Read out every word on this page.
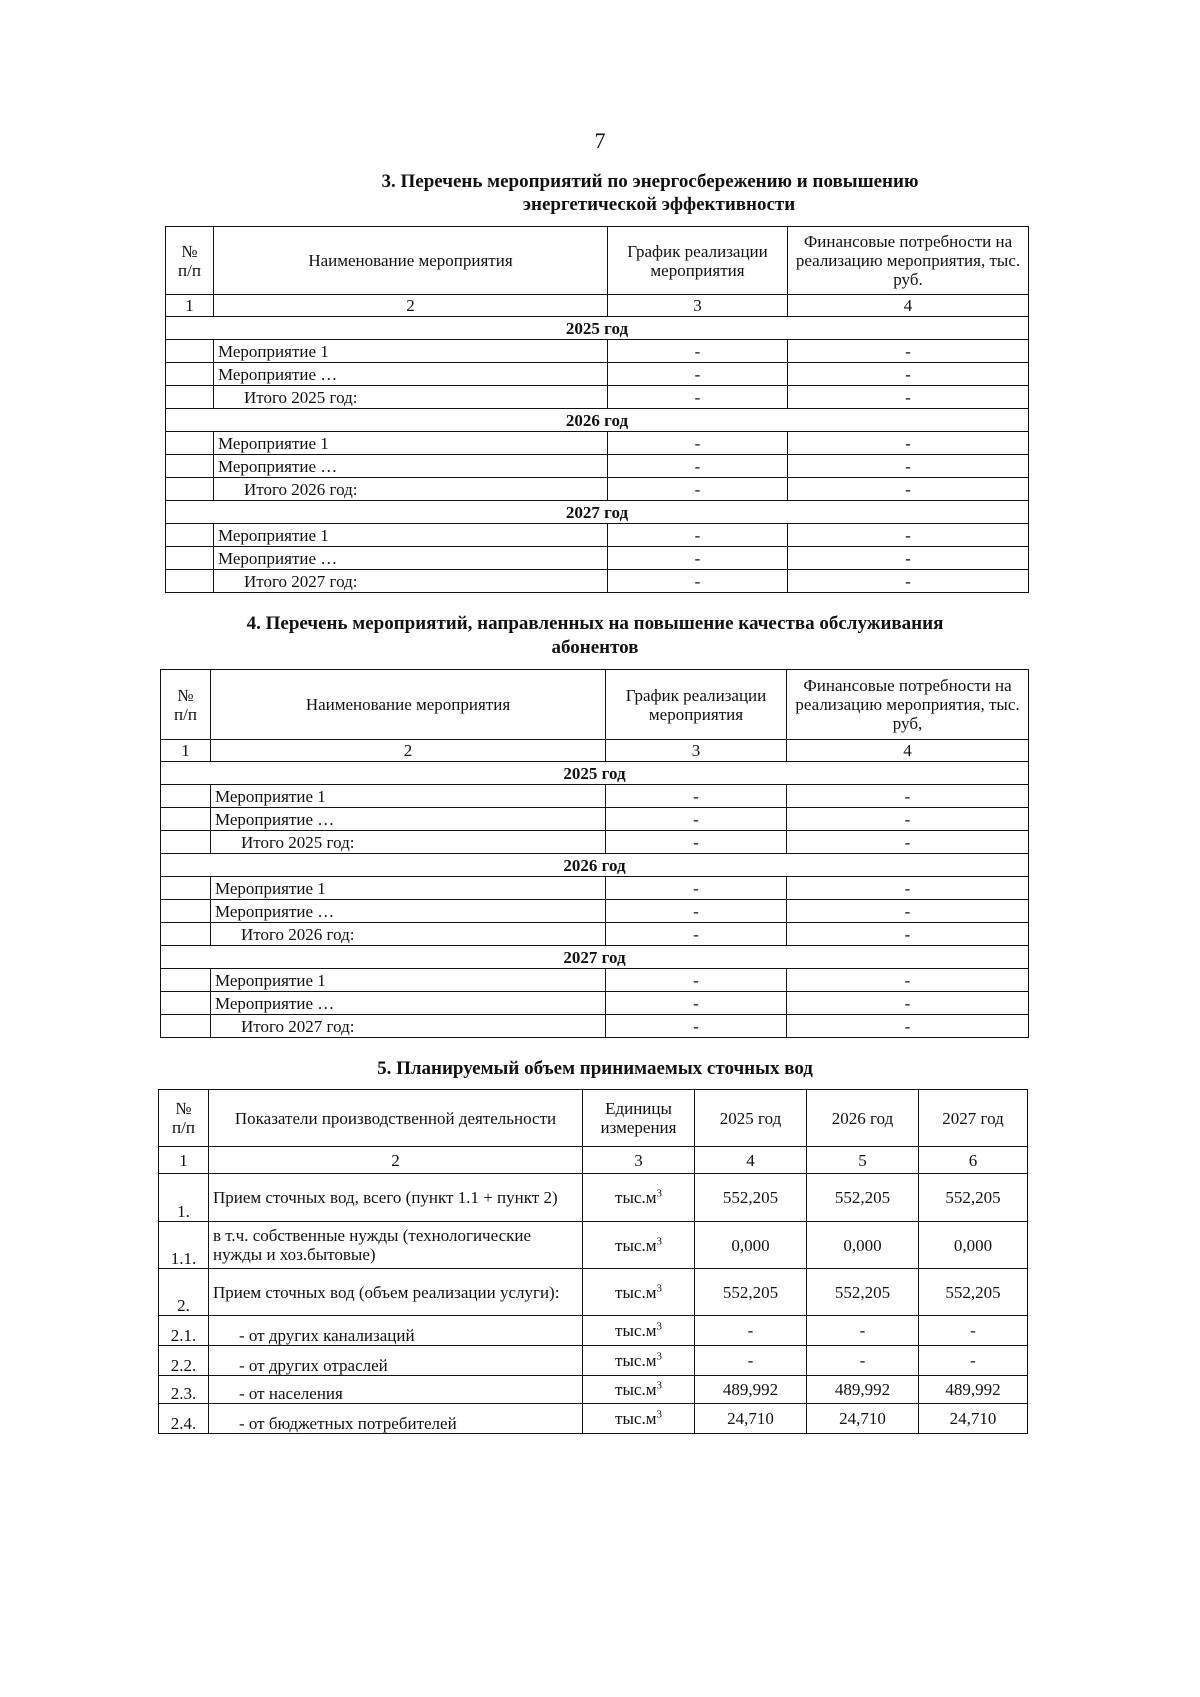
7
3. Перечень мероприятий по энергосбережению и повышению
энергетической эффективности
№
п/п	Наименование мероприятия	График реализации мероприятия	Финансовые потребности на реализацию мероприятия, тыс. руб.
1	2	3	4
2025 год			
	Мероприятие 1	-	-
	Мероприятие …	-	-
	Итого 2025 год:	-	-
2026 год			
	Мероприятие 1	-	-
	Мероприятие …	-	-
	Итого 2026 год:	-	-
2027 год			
	Мероприятие 1	-	-
	Мероприятие …	-	-
	Итого 2027 год:	-	-
4. Перечень мероприятий, направленных на повышение качества обслуживания
абонентов
№
п/п	Наименование мероприятия	График реализации мероприятия	Финансовые потребности на реализацию мероприятия, тыс. руб,
1	2	3	4
2025 год			
	Мероприятие 1	-	-
	Мероприятие …	-	-
	Итого 2025 год:	-	-
2026 год			
	Мероприятие 1	-	-
	Мероприятие …	-	-
	Итого 2026 год:	-	-
2027 год			
	Мероприятие 1	-	-
	Мероприятие …	-	-
	Итого 2027 год:	-	-
5. Планируемый объем принимаемых сточных вод
№
п/п	Показатели производственной деятельности	Единицы измерения	2025 год	2026 год	2027 год
1	2	3	4	5	6
1.	Прием сточных вод, всего (пункт 1.1 + пункт 2)	$тыс.м^3$	552,205	552,205	552,205
1.1.	в т.ч. собственные нужды (технологические нужды и хоз.бытовые)	$тыс.м^3$	0,000	0,000	0,000
2.	Прием сточных вод (объем реализации услуги):	$тыс.м^3$	552,205	552,205	552,205
2.1.	- от других канализаций	$тыс.м^3$	-	-	-
2.2.	- от других отраслей	$тыс.м^3$	-	-	-
2.3.	- от населения	$тыс.м^3$	489,992	489,992	489,992
2.4.	- от бюджетных потребителей	$тыс.м^3$	24,710	24,710	24,710
